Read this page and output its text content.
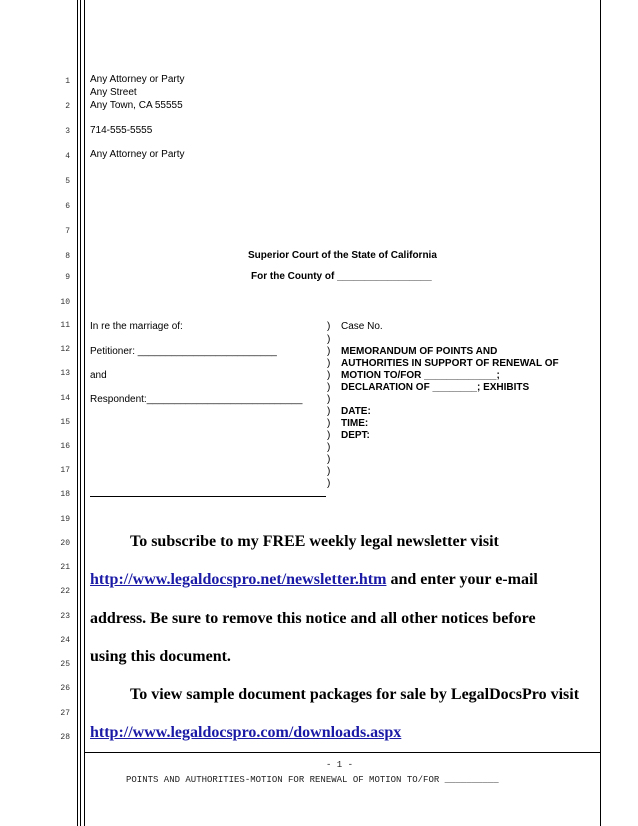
1
2
3
4
5
6
7
8
9
10
11
12
13
14
15
16
17
18
19
20
21
22
23
24
25
26
27
28
Any Attorney or Party
Any Street
Any Town, CA 55555
714-555-5555
Any Attorney or Party
Superior Court of the State of California
For the County of _________________
In re the marriage of:
Petitioner: _________________________
and
Respondent:____________________________
)
)
)
)
)
)
)
)
)
)
)
)
)
)
Case No.
MEMORANDUM OF POINTS AND
AUTHORITIES IN SUPPORT OF RENEWAL OF
MOTION TO/FOR _____________;
DECLARATION OF ________; EXHIBITS
DATE:
TIME:
DEPT:
To subscribe to my FREE weekly legal newsletter visit
http://www.legaldocspro.net/newsletter.htm and enter your e-mail
address. Be sure to remove this notice and all other notices before
using this document.
To view sample document packages for sale by LegalDocsPro visit
http://www.legaldocspro.com/downloads.aspx
- 1 -
POINTS AND AUTHORITIES-MOTION FOR RENEWAL OF MOTION TO/FOR __________
